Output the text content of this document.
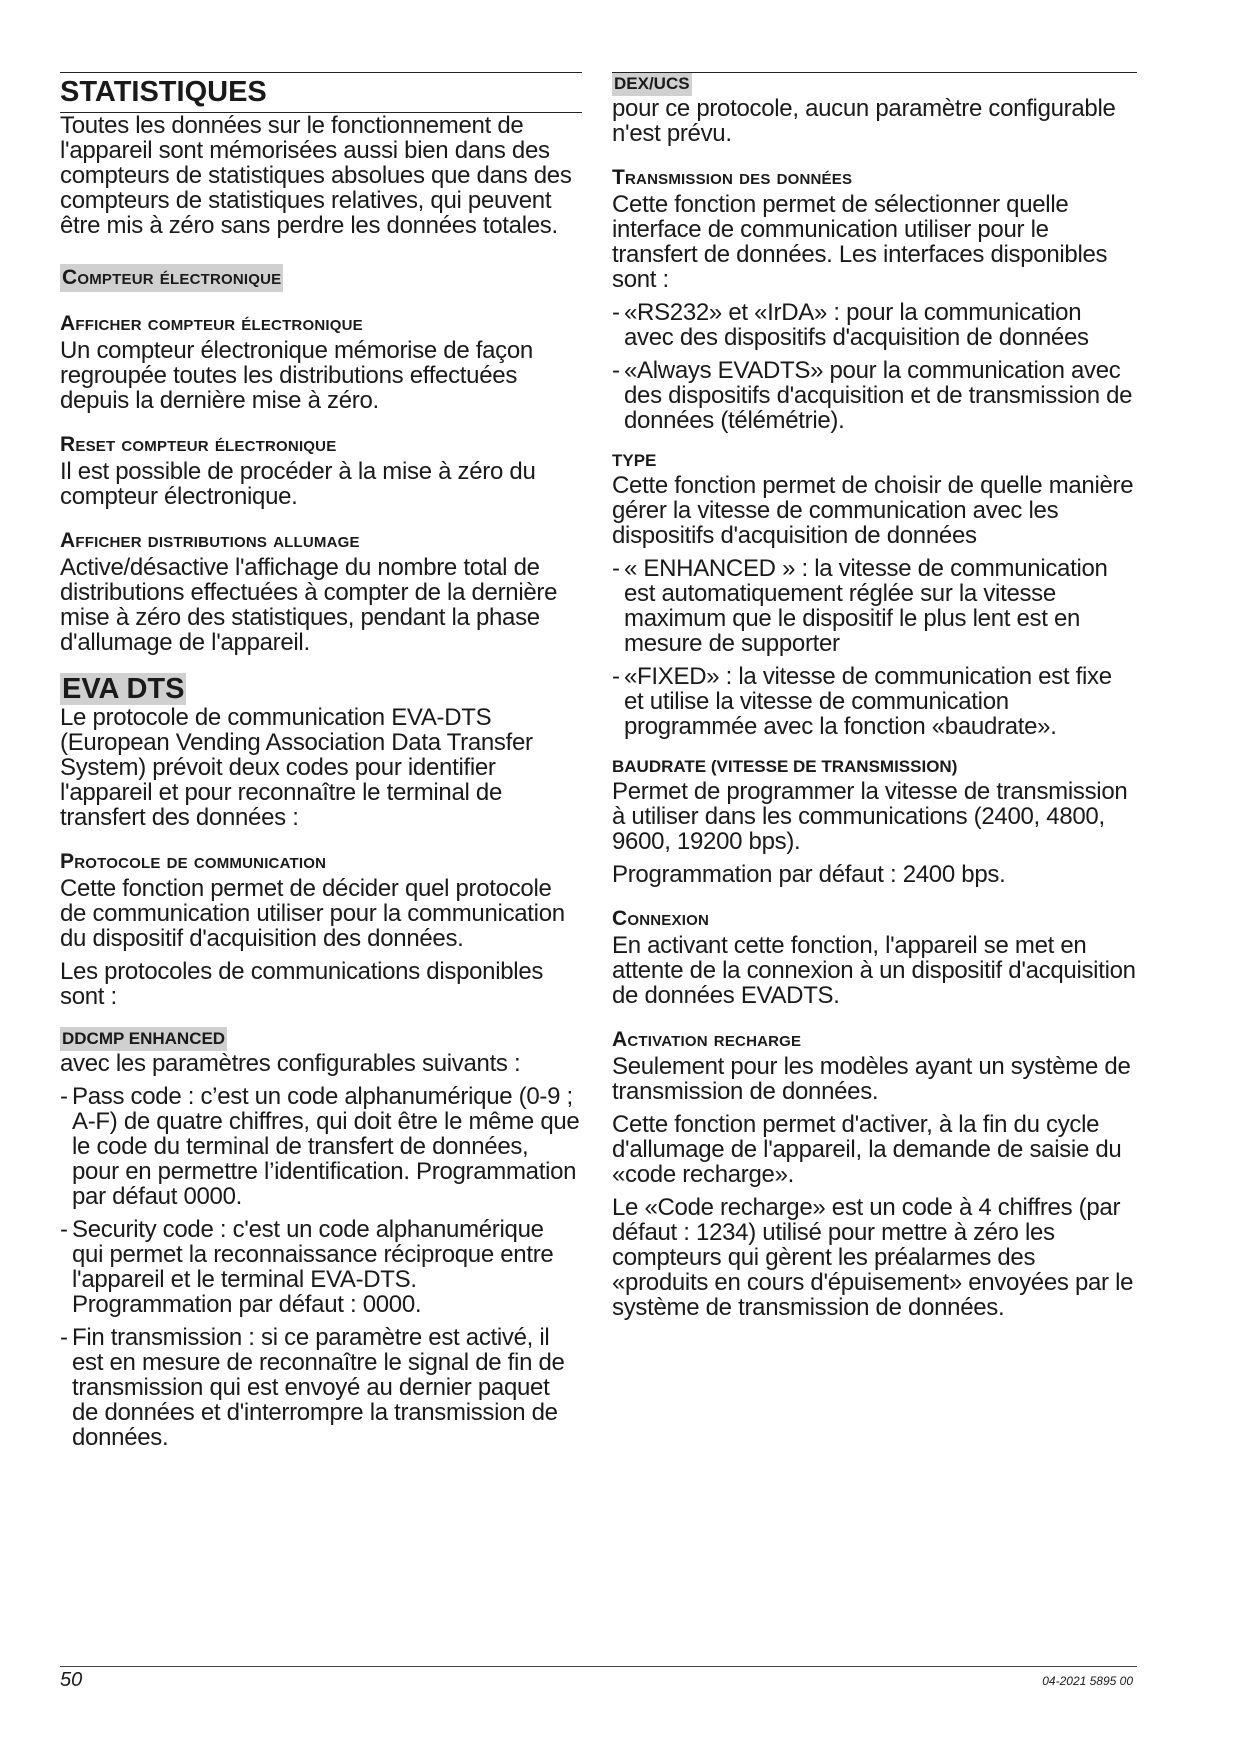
STATISTIQUES

Toutes les données sur le fonctionnement de l'appareil sont mémorisées aussi bien dans des compteurs de statistiques absolues que dans des compteurs de statistiques relatives, qui peuvent être mis à zéro sans perdre les données totales.

Compteur électronique
Afficher compteur électronique

Un compteur électronique mémorise de façon regroupée toutes les distributions effectuées depuis la dernière mise à zéro.

Reset compteur électronique

Il est possible de procéder à la mise à zéro du compteur électronique.

Afficher distributions allumage

Active/désactive l'affichage du nombre total de distributions effectuées à compter de la dernière mise à zéro des statistiques, pendant la phase d'allumage de l'appareil.

EVA DTS

Le protocole de communication EVA-DTS (European Vending Association Data Transfer System) prévoit deux codes pour identifier l'appareil et pour reconnaître le terminal de transfert des données :

Protocole de communication

Cette fonction permet de décider quel protocole de communication utiliser pour la communication du dispositif d'acquisition des données.

Les protocoles de communications disponibles sont :

DDCMP ENHANCED

avec les paramètres configurables suivants :

- Pass code : c’est un code alphanumérique (0-9 ; A-F) de quatre chiffres, qui doit être le même que le code du terminal de transfert de données, pour en permettre l’identification. Programmation par défaut 0000.
- Security code : c'est un code alphanumérique qui permet la reconnaissance réciproque entre l'appareil et le terminal EVA-DTS. Programmation par défaut : 0000.
- Fin transmission : si ce paramètre est activé, il est en mesure de reconnaître le signal de fin de transmission qui est envoyé au dernier paquet de données et d'interrompre la transmission de données.
DEX/UCS

pour ce protocole, aucun paramètre configurable n'est prévu.

Transmission des données

Cette fonction permet de sélectionner quelle interface de communication utiliser pour le transfert de données. Les interfaces disponibles sont :

- «RS232» et «IrDA» : pour la communication avec des dispositifs d'acquisition de données
- «Always EVADTS» pour la communication avec des dispositifs d'acquisition et de transmission de données (télémétrie).
TYPE

Cette fonction permet de choisir de quelle manière gérer la vitesse de communication avec les dispositifs d'acquisition de données

- « ENHANCED » : la vitesse de communication est automatiquement réglée sur la vitesse maximum que le dispositif le plus lent est en mesure de supporter
- «FIXED» : la vitesse de communication est fixe et utilise la vitesse de communication programmée avec la fonction «baudrate».
BAUDRATE (VITESSE DE TRANSMISSION)

Permet de programmer la vitesse de transmission à utiliser dans les communications (2400, 4800, 9600, 19200 bps).

Programmation par défaut : 2400 bps.

Connexion

En activant cette fonction, l'appareil se met en attente de la connexion à un dispositif d'acquisition de données EVADTS.

Activation recharge

Seulement pour les modèles ayant un système de transmission de données.

Cette fonction permet d'activer, à la fin du cycle d'allumage de l'appareil, la demande de saisie du «code recharge».

Le «Code recharge» est un code à 4 chiffres (par défaut : 1234) utilisé pour mettre à zéro les compteurs qui gèrent les préalarmes des «produits en cours d'épuisement» envoyées par le système de transmission de données.

50	04-2021 5895 00
